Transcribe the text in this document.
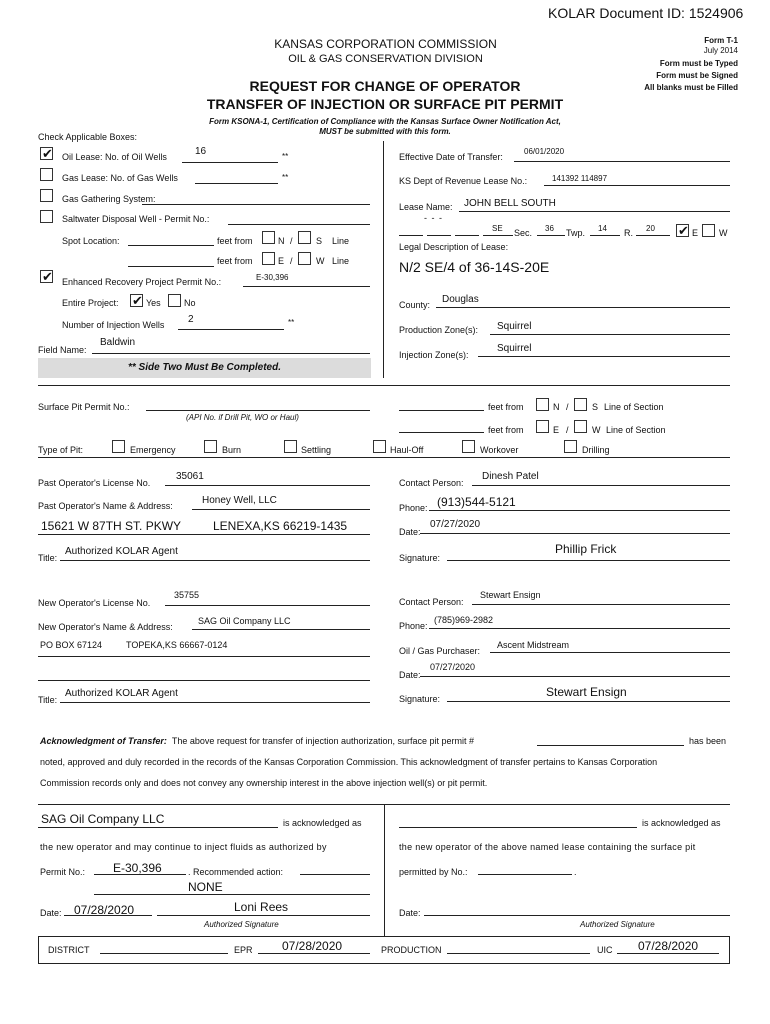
KOLAR Document ID: 1524906
KANSAS CORPORATION COMMISSION
OIL & GAS CONSERVATION DIVISION
REQUEST FOR CHANGE OF OPERATOR
TRANSFER OF INJECTION OR SURFACE PIT PERMIT
Form KSONA-1, Certification of Compliance with the Kansas Surface Owner Notification Act,
MUST be submitted with this form.
Form T-1
July 2014
Form must be Typed
Form must be Signed
All blanks must be Filled
Check Applicable Boxes:
✔ Oil Lease: No. of Oil Wells	16	**
Gas Lease: No. of Gas Wells	**
Gas Gathering System:
Saltwater Disposal Well - Permit No.:
Spot Location:	feet from	N /	S Line
feet from	E /	W Line
✔ Enhanced Recovery Project Permit No.:	E-30,396
Entire Project: ✔ Yes	No
Number of Injection Wells 2	**
Field Name:
Baldwin
** Side Two Must Be Completed.
Effective Date of Transfer:
06/01/2020
KS Dept of Revenue Lease No.:	141392 114897
Lease Name: JOHN BELL SOUTH
- - -
SE Sec. 36 Twp. 14 R. 20 ✔ E W
Legal Description of Lease:
N/2 SE/4 of 36-14S-20E
County: Douglas
Production Zone(s): Squirrel
Injection Zone(s):
Squirrel
Surface Pit Permit No.:
(API No. if Drill Pit, WO or Haul)
feet from	N /	S Line of Section
feet from	E /	W Line of Section
Type of Pit:	Emergency	Burn	Settling	Haul-Off	Workover	Drilling
Past Operator's License No.
35061
Past Operator's Name & Address:	Honey Well, LLC
15621 W 87TH ST. PKWY	LENEXA,KS 66219-1435
Title:
Authorized KOLAR Agent
Contact Person:
Dinesh Patel
Phone: (913)544-5121
Date:
07/27/2020
Signature:
Phillip Frick
New Operator's License No.
35755
New Operator's Name & Address:
SAG Oil Company LLC
PO BOX 67124	TOPEKA,KS 66667-0124
Title:
Authorized KOLAR Agent
Contact Person:
Stewart Ensign
Phone:
(785)969-2982
Oil / Gas Purchaser:
Ascent Midstream
Date:
07/27/2020
Signature:	Stewart Ensign
Acknowledgment of Transfer: The above request for transfer of injection authorization, surface pit permit #	has been
noted, approved and duly recorded in the records of the Kansas Corporation Commission. This acknowledgment of transfer pertains to Kansas Corporation
Commission records only and does not convey any ownership interest in the above injection well(s) or pit permit.
SAG Oil Company LLC	is acknowledged as
the new operator and may continue to inject fluids as authorized by
Permit No.: E-30,396	. Recommended action:
NONE
Date: 07/28/2020	Loni Rees
Authorized Signature
is acknowledged as
the new operator of the above named lease containing the surface pit
permitted by No.:	.
Date:
Authorized Signature
DISTRICT	EPR 07/28/2020	PRODUCTION	UIC 07/28/2020
